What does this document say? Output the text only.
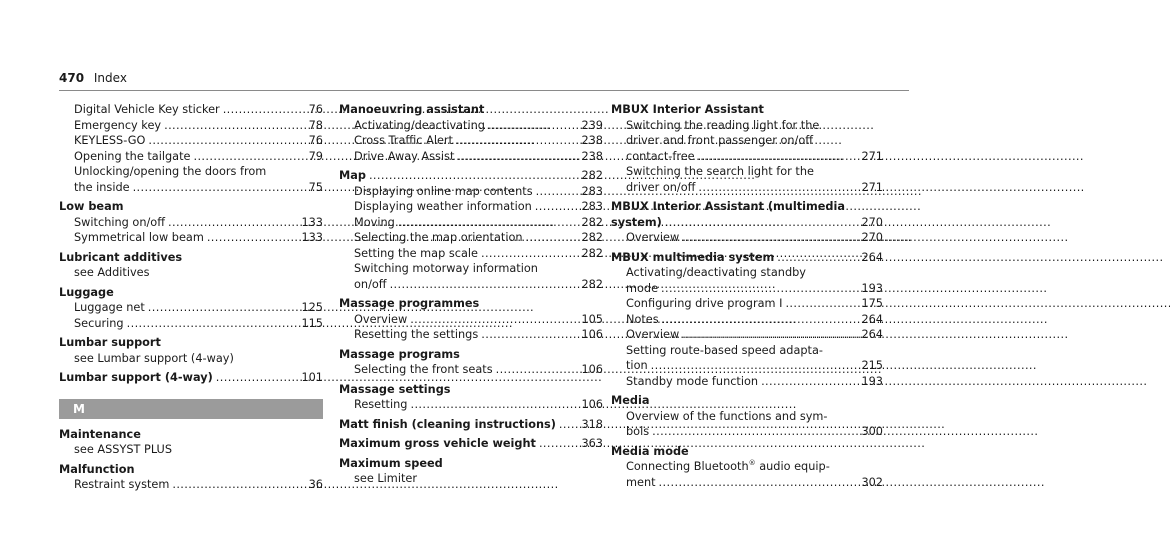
470 Index
Digital Vehicle Key sticker . . .	76
Emergency key . . .	78
KEYLESS-GO . . .	76
Opening the tailgate . . .	79
Unlocking/opening the doors from
the inside . . .	75
Low beam
Switching on/off . . .	133
Symmetrical low beam . . .	133
Lubricant additives
see Additives
Luggage
Luggage net . . .	125
Securing . . .	115
Lumbar support
see Lumbar support (4-way)
Lumbar support (4-way) . . .	101
M
Maintenance
see ASSYST PLUS
Malfunction
Restraint system . . .	36
Manoeuvring assistant
Activating/deactivating . . .	239
Cross Traffic Alert . . .	238
Drive Away Assist . . .	238
Map . . .	282
Displaying online map contents . . .	283
Displaying weather information . . .	283
Moving . . .	282
Selecting the map orientation . . .	282
Setting the map scale . . .	282
Switching motorway information
on/off . . .	282
Massage programmes
Overview . . .	105
Resetting the settings . . .	106
Massage programs
Selecting the front seats . . .	106
Massage settings
Resetting . . .	106
Matt finish (cleaning instructions) . . . 318
Maximum gross vehicle weight . . .	363
Maximum speed
see Limiter
MBUX Interior Assistant
Switching the reading light for the
driver and front passenger on/off
contact-free . . .	271
Switching the search light for the
driver on/off . . .	271
MBUX Interior Assistant (multimedia
system) . . .	270
Overview . . .	270
MBUX multimedia system . . .	264
Activating/deactivating standby
mode . . .	193
Configuring drive program I . . .	175
Notes . . .	264
Overview . . .	264
Setting route-based speed adapta-
tion . . .	215
Standby mode function . . .	193
Media
Overview of the functions and sym-
bols . . .	300
Media mode
Connecting Bluetooth® audio equip-
ment . . .	302
